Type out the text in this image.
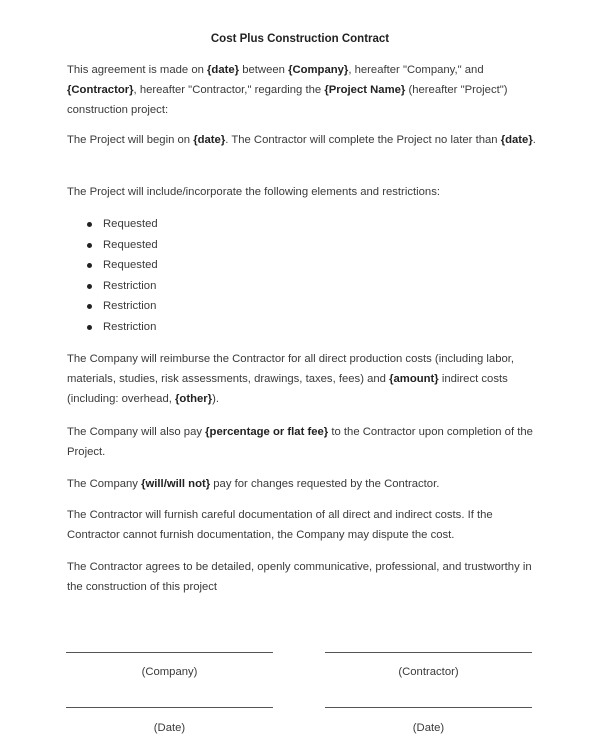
Cost Plus Construction Contract

This agreement is made on {date} between {Company}, hereafter "Company," and {Contractor}, hereafter "Contractor," regarding the {Project Name} (hereafter "Project") construction project:

The Project will begin on {date}. The Contractor will complete the Project no later than {date}.

The Project will include/incorporate the following elements and restrictions:

Requested
Requested
Requested
Restriction
Restriction
Restriction

The Company will reimburse the Contractor for all direct production costs (including labor, materials, studies, risk assessments, drawings, taxes, fees) and {amount} indirect costs (including: overhead, {other}).

The Company will also pay {percentage or flat fee} to the Contractor upon completion of the Project.

The Company {will/will not} pay for changes requested by the Contractor.

The Contractor will furnish careful documentation of all direct and indirect costs. If the Contractor cannot furnish documentation, the Company may dispute the cost.

The Contractor agrees to be detailed, openly communicative, professional, and trustworthy in the construction of this project

(Company)	(Contractor)
(Date)	(Date)
